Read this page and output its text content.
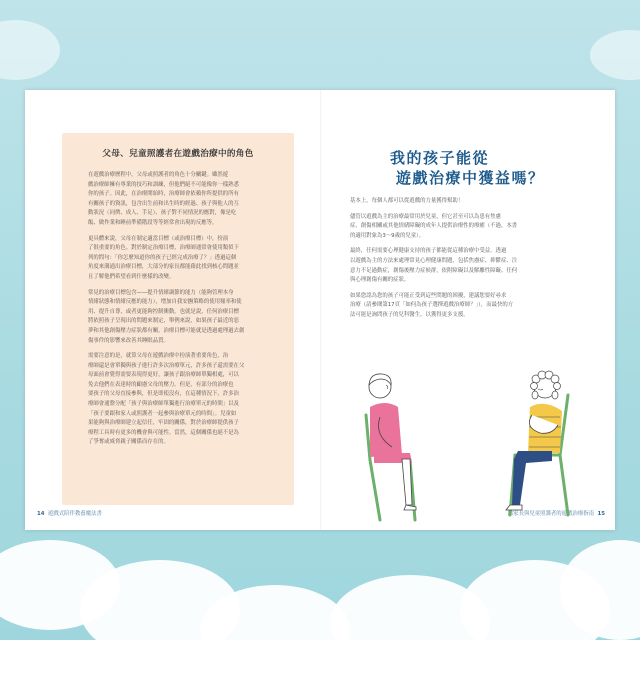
父母、兒童照護者在遊戲治療中的角色

在遊戲治療歷程中，父母或照護者的角色十分關鍵。雖然遊
戲治療師擁有專業的技巧和訓練，但他們絕不可能像你一樣熟悉
你的孩子。因此，在治療開始時，治療師會依賴你所提供的所有
有關孩子的資訊，包含出生前和出生時的經過、孩子與他人的互
動狀況（同儕、成人、手足）、孩子對不同情況的應對，像是吃
飯、做作業和睡前準備階段等等經常會出現的反應等。

更具體來說，父母在制定適當目標（或治療目標）中，扮演
了很重要的角色。對於制定治療目標，治療師通常會使用類似下
列的問句：「你怎麼知道你的孩子已經完成治療了？」透過這個
角度來溝通出治療目標，大部分的家長都能藉此找到核心問題並
且了解他們希望看到什麼樣的改變。

常見的治療目標包含——提升情緒調節的能力（能夠管理本身
情緒狀態和情緒反應的能力），增加自我安撫策略的使用頻率和使
用、提升自尊，或者更能夠控制衝動。也就是說，任何治療目標
將依照孩子呈現出的問題來制定，舉例來說，如果孩子最近的惡
夢和其他創傷壓力症狀都有關，治療目標可能就是透過處理過去創
傷事件的影響來改善其睡眠品質。

需要注意的是，就算父母在遊戲治療中扮演著重要角色，治
療師還是會單獨與孩子進行許多次治療單元，許多孩子還需要在父
母面前會覺得需要表現得更好，讓孩子跟治療師單獨相處，可以
免去他們在表達時的顧慮父母的壓力。但是，有部分的治療也
要孩子的父母直接參與，但是即使沒有，在這種情況下，許多治
療師會通盤分配「孩子與治療師單獨進行治療單元的時間」以及
「孩子要跟和家人或照護者一起參與治療單元的時間」。兒童如
果能夠與治療師建立起信任，牢固的關係，對於治療師提供孩子
療程工具時有更多的機會與可能性。當然，這個關係也絕不是為
了爭奪或威脅親子關係而存在的。

14 遊戲式陪伴教養魔法書	給家長與兒童照護者的遊戲治療指南 15
我的孩子能從
遊戲治療中獲益嗎？

基本上，每個人都可以從遊戲的力量獲得幫助！

儘管以遊戲為主的治療最常用於兒童，但它甚至可以為患有焦慮
症、創傷相關或其他情緒障礙的成年人提供治療性的療癒（不過，本書
的適用對象為3～9歲的兒童）。

最終，任何需要心理健康支持的孩子都能從這種治療中受益。透過
以遊戲為主的方法來處理常見心理健康問題，包括焦慮症、抑鬱症、注
意力不足過動症，創傷後壓力症候群，依附障礙以及解離性障礙、任何
與心理創傷有關的症狀。

如果您認為您的孩子可能正受到這些問題的困擾，建議您要好尋求
治療（請參閱第17頁「如何為孩子選擇遊戲治療師？」），而最快的方
法可能是詢問孩子的兒科醫生，以獲得更多支援。
